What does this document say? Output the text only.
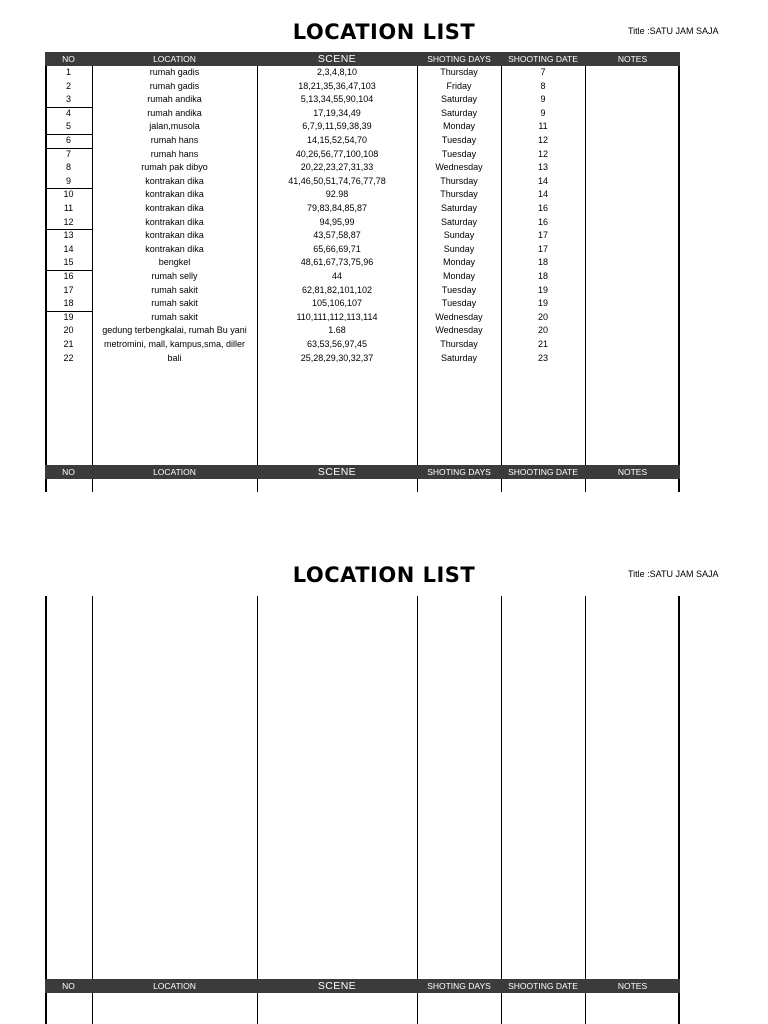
LOCATION LIST	Title :SATU JAM SAJA
NO	LOCATION	SCENE	SHOTING DAYS	SHOOTING DATE	NOTES
1	rumah gadis	2,3,4,8,10	Thursday	7
2	rumah gadis	18,21,35,36,47,103	Friday	8
3	rumah andika	5,13,34,55,90,104	Saturday	9
4	rumah andika	17,19,34,49	Saturday	9
5	jalan,musola	6,7,9,11,59,38,39	Monday	11
6	rumah hans	14,15,52,54,70	Tuesday	12
7	rumah hans	40,26,56,77,100,108	Tuesday	12
8	rumah pak dibyo	20,22,23,27,31,33	Wednesday	13
9	kontrakan dika	41,46,50,51,74,76,77,78	Thursday	14
10	kontrakan dika	92.98	Thursday	14
11	kontrakan dika	79,83,84,85,87	Saturday	16
12	kontrakan dika	94,95,99	Saturday	16
13	kontrakan dika	43,57,58,87	Sunday	17
14	kontrakan dika	65,66,69,71	Sunday	17
15	bengkel	48,61,67,73,75,96	Monday	18
16	rumah selly	44	Monday	18
17	rumah sakit	62,81,82,101,102	Tuesday	19
18	rumah sakit	105,106,107	Tuesday	19
19	rumah sakit	110,111,112,113,114	Wednesday	20
20	gedung terbengkalai, rumah Bu yani	1.68	Wednesday	20
21	metromini, mall, kampus,sma, diller	63,53,56,97,45	Thursday	21
22	bali	25,28,29,30,32,37	Saturday	23
NO	LOCATION	SCENE	SHOTING DAYS	SHOOTING DATE	NOTES
LOCATION LIST	Title :SATU JAM SAJA
NO	LOCATION	SCENE	SHOTING DAYS	SHOOTING DATE	NOTES
